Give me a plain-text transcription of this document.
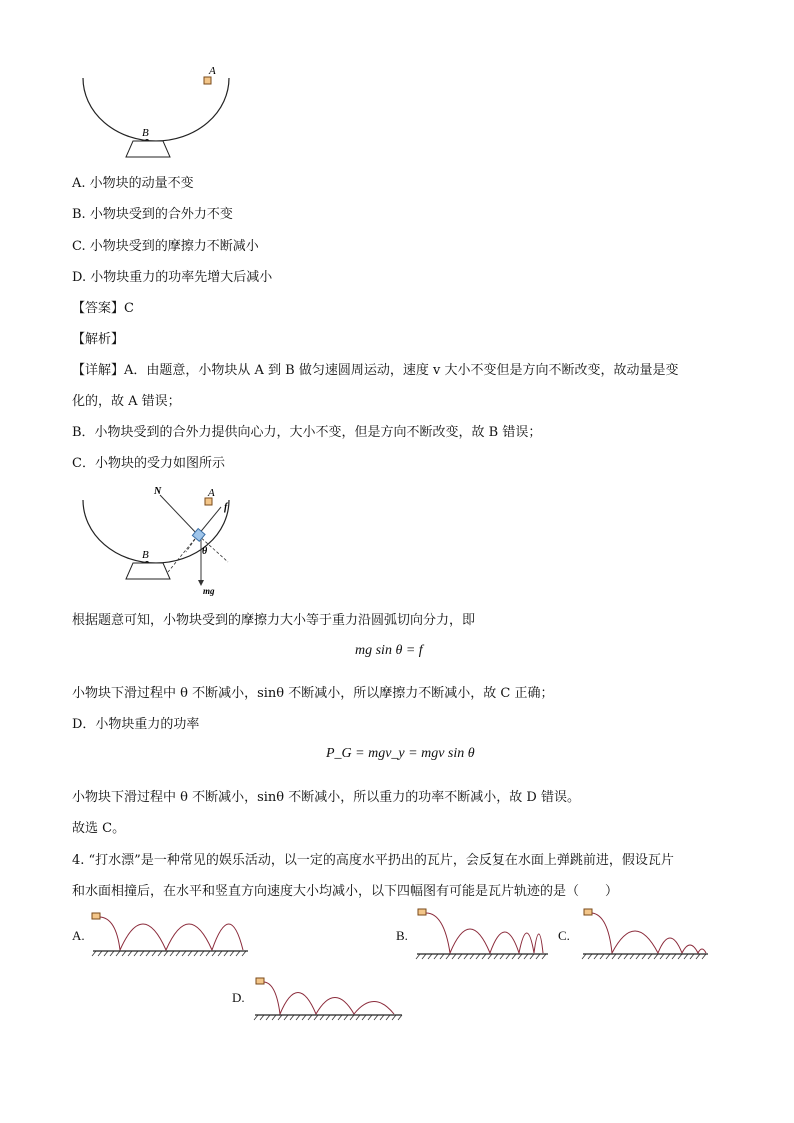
A
B
A. 小物块的动量不变
B. 小物块受到的合外力不变
C. 小物块受到的摩擦力不断减小
D. 小物块重力的功率先增大后减小
【答案】C
【解析】
【详解】A．由题意，小物块从 A 到 B 做匀速圆周运动，速度 v 大小不变但是方向不断改变，故动量是变
化的，故 A 错误；
B．小物块受到的合外力提供向心力，大小不变，但是方向不断改变，故 B 错误；
C．小物块的受力如图所示
N	A
f
θ
B
mg
根据题意可知，小物块受到的摩擦力大小等于重力沿圆弧切向分力，即
mg sin θ = f
小物块下滑过程中 θ 不断减小，sinθ 不断减小，所以摩擦力不断减小，故 C 正确；
D．小物块重力的功率
P_G = mgv_y = mgv sin θ
小物块下滑过程中 θ 不断减小，sinθ 不断减小，所以重力的功率不断减小，故 D 错误。
故选 C。
4. “打水漂”是一种常见的娱乐活动，以一定的高度水平扔出的瓦片，会反复在水面上弹跳前进，假设瓦片
和水面相撞后，在水平和竖直方向速度大小均减小，以下四幅图有可能是瓦片轨迹的是（　　）
A.	B.	C.
D.
